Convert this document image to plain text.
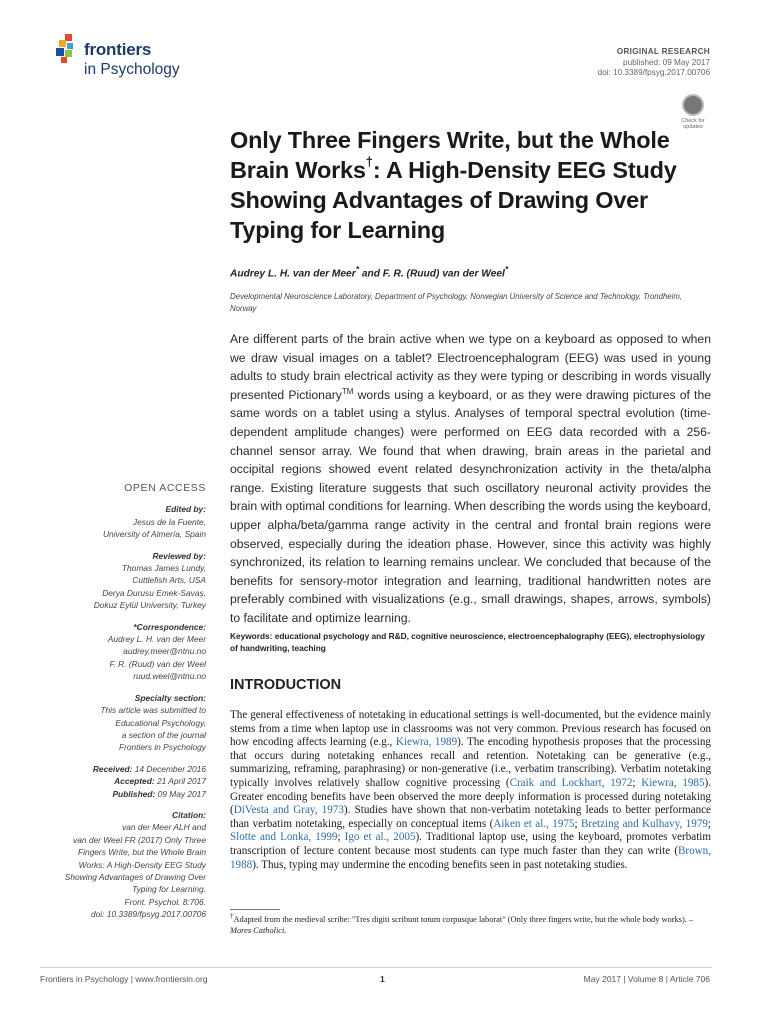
frontiers
in Psychology
ORIGINAL RESEARCH
published: 09 May 2017
doi: 10.3389/fpsyg.2017.00706
Check for updates
Only Three Fingers Write, but the Whole Brain Works†: A High-Density EEG Study Showing Advantages of Drawing Over Typing for Learning
Audrey L. H. van der Meer* and F. R. (Ruud) van der Weel*
Developmental Neuroscience Laboratory, Department of Psychology, Norwegian University of Science and Technology, Trondheim, Norway

Are different parts of the brain active when we type on a keyboard as opposed to when we draw visual images on a tablet? Electroencephalogram (EEG) was used in young adults to study brain electrical activity as they were typing or describing in words visually presented Pictionary™ words using a keyboard, or as they were drawing pictures of the same words on a tablet using a stylus. Analyses of temporal spectral evolution (time-dependent amplitude changes) were performed on EEG data recorded with a 256-channel sensor array. We found that when drawing, brain areas in the parietal and occipital regions showed event related desynchronization activity in the theta/alpha range. Existing literature suggests that such oscillatory neuronal activity provides the brain with optimal conditions for learning. When describing the words using the keyboard, upper alpha/beta/gamma range activity in the central and frontal brain regions were observed, especially during the ideation phase. However, since this activity was highly synchronized, its relation to learning remains unclear. We concluded that because of the benefits for sensory-motor integration and learning, traditional handwritten notes are preferably combined with visualizations (e.g., small drawings, shapes, arrows, symbols) to facilitate and optimize learning.

Keywords: educational psychology and R&D, cognitive neuroscience, electroencephalography (EEG), electrophysiology of handwriting, teaching

INTRODUCTION

The general effectiveness of notetaking in educational settings is well-documented, but the evidence mainly stems from a time when laptop use in classrooms was not very common. Previous research has focused on how encoding affects learning (e.g., Kiewra, 1989). The encoding hypothesis proposes that the processing that occurs during notetaking enhances recall and retention. Notetaking can be generative (e.g., summarizing, reframing, paraphrasing) or non-generative (i.e., verbatim transcribing). Verbatim notetaking typically involves relatively shallow cognitive processing (Craik and Lockhart, 1972; Kiewra, 1985). Greater encoding benefits have been observed the more deeply information is processed during notetaking (DiVesta and Gray, 1973). Studies have shown that non-verbatim notetaking leads to better performance than verbatim notetaking, especially on conceptual items (Aiken et al., 1975; Bretzing and Kulhavy, 1979; Slotte and Lonka, 1999; Igo et al., 2005). Traditional laptop use, using the keyboard, promotes verbatim transcription of lecture content because most students can type much faster than they can write (Brown, 1988). Thus, typing may undermine the encoding benefits seen in past notetaking studies.

†Adapted from the medieval scribe: "Tres digiti scribunt totum corpusque laborat" (Only three fingers write, but the whole body works). – Mores Catholici.

OPEN ACCESS
Edited by:
Jesus de la Fuente,
University of Almería, Spain
Reviewed by:
Thomas James Lundy,
Cuttlefish Arts, USA
Derya Durusu Emek-Savaş,
Dokuz Eylül University, Turkey
*Correspondence:
Audrey L. H. van der Meer
audrey.meer@ntnu.no
F. R. (Ruud) van der Weel
ruud.weel@ntnu.no
Specialty section:
This article was submitted to
Educational Psychology,
a section of the journal
Frontiers in Psychology
Received: 14 December 2016
Accepted: 21 April 2017
Published: 09 May 2017
Citation:
van der Meer ALH and
van der Weel FR (2017) Only Three
Fingers Write, but the Whole Brain
Works: A High-Density EEG Study
Showing Advantages of Drawing Over
Typing for Learning.
Front. Psychol. 8:706.
doi: 10.3389/fpsyg.2017.00706
Frontiers in Psychology | www.frontiersin.org	1	May 2017 | Volume 8 | Article 706
